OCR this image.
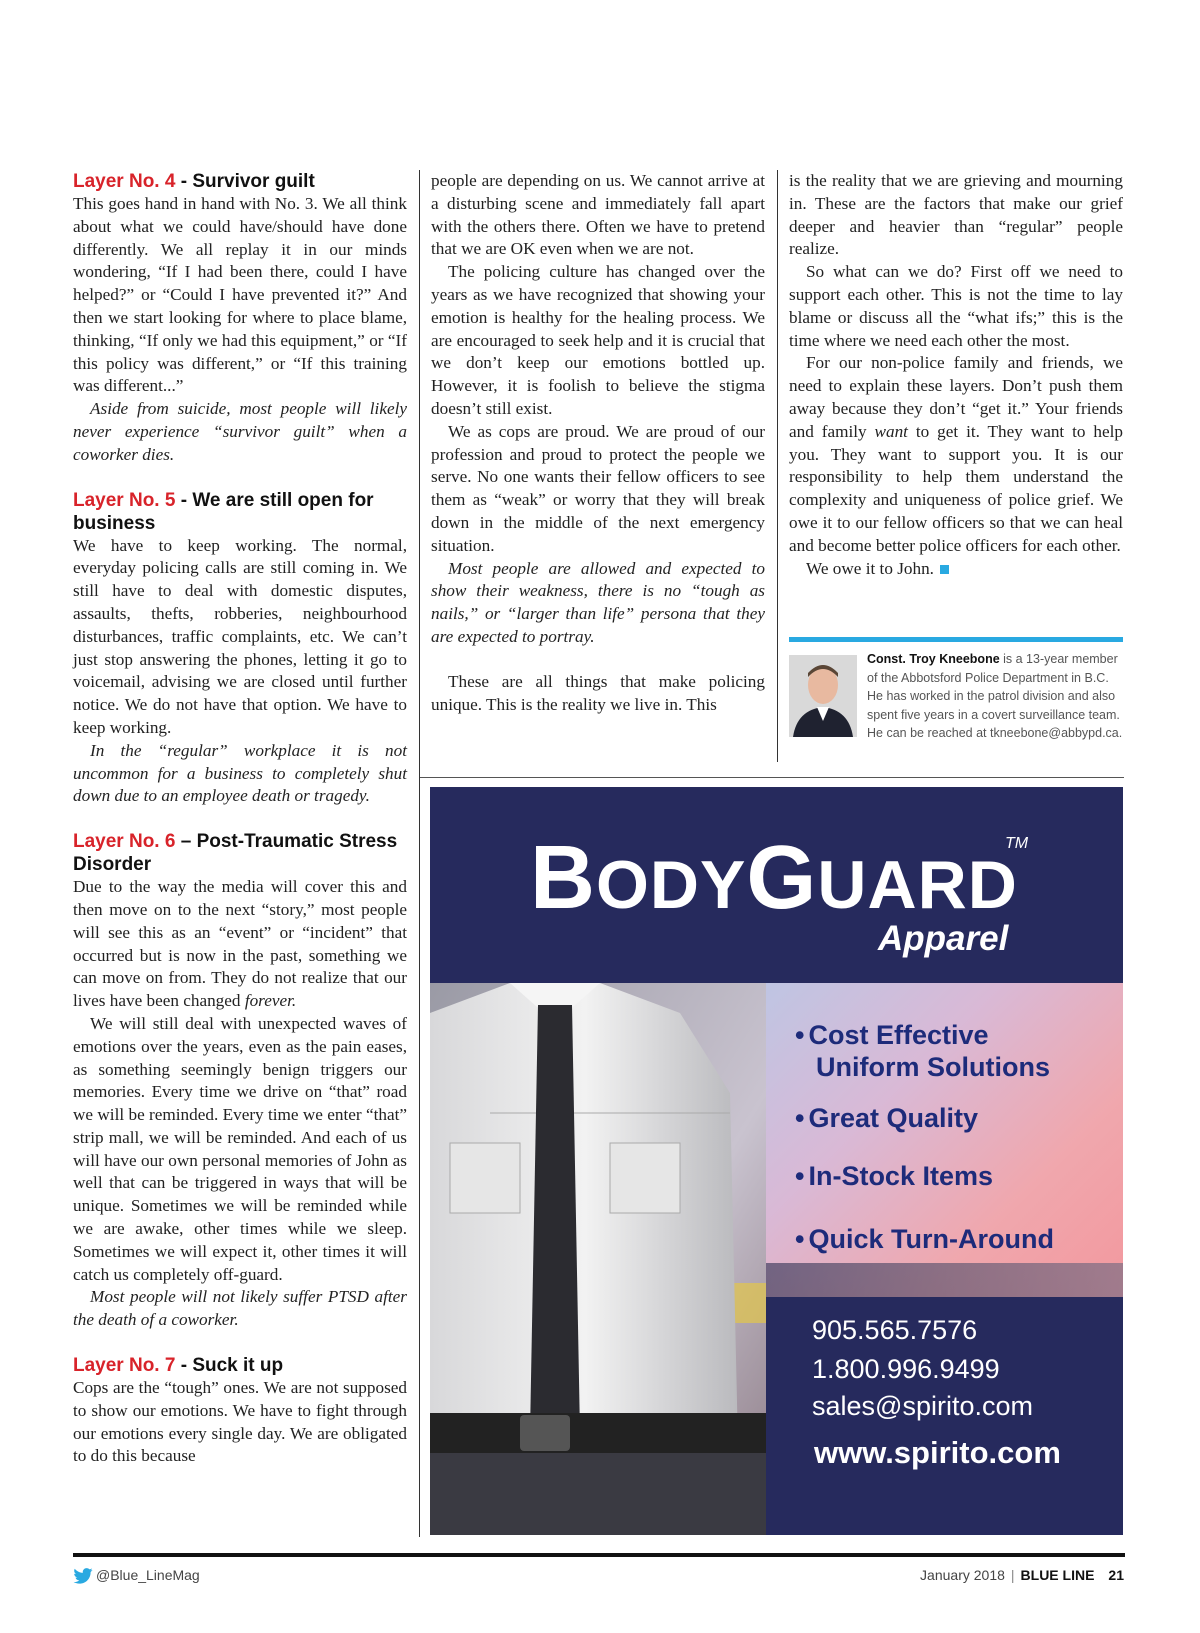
Layer No. 4 - Survivor guilt

This goes hand in hand with No. 3. We all think about what we could have/should have done differently. We all replay it in our minds wondering, “If I had been there, could I have helped?” or “Could I have prevented it?” And then we start looking for where to place blame, thinking, “If only we had this equipment,” or “If this policy was different,” or “If this training was different...”

Aside from suicide, most people will likely never experience “survivor guilt” when a coworker dies.

Layer No. 5 - We are still open for business

We have to keep working. The normal, everyday policing calls are still coming in. We still have to deal with domestic disputes, assaults, thefts, robberies, neighbourhood disturbances, traffic complaints, etc. We can’t just stop answering the phones, letting it go to voicemail, advising we are closed until further notice. We do not have that option. We have to keep working.

In the “regular” workplace it is not uncommon for a business to completely shut down due to an employee death or tragedy.

Layer No. 6 – Post-Traumatic Stress Disorder

Due to the way the media will cover this and then move on to the next “story,” most people will see this as an “event” or “incident” that occurred but is now in the past, something we can move on from. They do not realize that our lives have been changed forever.

We will still deal with unexpected waves of emotions over the years, even as the pain eases, as something seemingly benign triggers our memories. Every time we drive on “that” road we will be reminded. Every time we enter “that” strip mall, we will be reminded. And each of us will have our own personal memories of John as well that can be triggered in ways that will be unique. Sometimes we will be reminded while we are awake, other times while we sleep. Sometimes we will expect it, other times it will catch us completely off-guard.

Most people will not likely suffer PTSD after the death of a coworker.

Layer No. 7 - Suck it up

Cops are the “tough” ones. We are not supposed to show our emotions. We have to fight through our emotions every single day. We are obligated to do this because

people are depending on us. We cannot arrive at a disturbing scene and immediately fall apart with the others there. Often we have to pretend that we are OK even when we are not.

The policing culture has changed over the years as we have recognized that showing your emotion is healthy for the healing process. We are encouraged to seek help and it is crucial that we don’t keep our emotions bottled up. However, it is foolish to believe the stigma doesn’t still exist.

We as cops are proud. We are proud of our profession and proud to protect the people we serve. No one wants their fellow officers to see them as “weak” or worry that they will break down in the middle of the next emergency situation.

Most people are allowed and expected to show their weakness, there is no “tough as nails,” or “larger than life” persona that they are expected to portray.

These are all things that make policing unique. This is the reality we live in. This

is the reality that we are grieving and mourning in. These are the factors that make our grief deeper and heavier than “regular” people realize.

So what can we do? First off we need to support each other. This is not the time to lay blame or discuss all the “what ifs;” this is the time where we need each other the most.

For our non-police family and friends, we need to explain these layers. Don’t push them away because they don’t “get it.” Your friends and family want to get it. They want to help you. They want to support you. It is our responsibility to help them understand the complexity and uniqueness of police grief. We owe it to our fellow officers so that we can heal and become better police officers for each other.

We owe it to John.

Const. Troy Kneebone is a 13-year member of the Abbotsford Police Department in B.C. He has worked in the patrol division and also spent five years in a covert surveillance team. He can be reached at tkneebone@abbypd.ca.
BODYGUARD
TM
Apparel
• Cost Effective
Uniform Solutions
• Great Quality
• In-Stock Items
• Quick Turn-Around
905.565.7576
1.800.996.9499
sales@spirito.com
www.spirito.com
@Blue_LineMag	January 2018 | BLUE LINE 21
